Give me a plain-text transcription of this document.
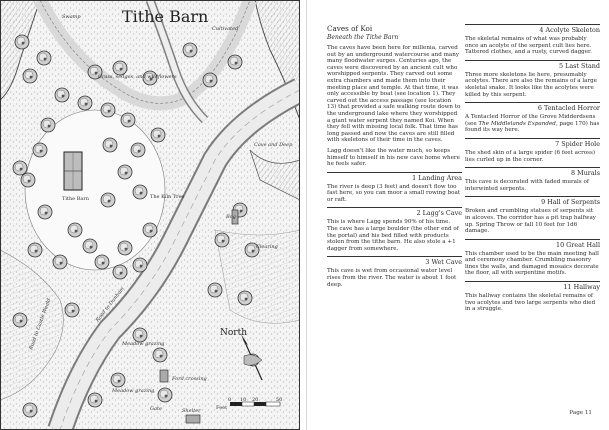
Tithe Barn
Swamp
Cultivated
Grass, sedges, and wildflowers
Cave and Deep
The Kiln Tree
Tithe Barn
Meadow grazing
Meadow grazing
Road to Dunham
Road to Castle Weald
Ford crossing
Bog
Clearing
Gate	Shelter
North
Feet
0 10 20	50
Caves of Koi
Beneath the Tithe Barn
The caves have been here for millenia, carved out by an underground watercourse and many many floodwater surges. Centuries ago, the caves were discovered by an ancient cult who worshipped serpents. They carved out some extra chambers and made them into their meeting place and temple. At that time, it was only accessible by boat (see location 1). They carved out the access passage (see location 13) that provided a safe walking route down to the underground lake where they worshipped a giant water serpent they named Koi. When they fell with missing local folk. That time has long passed and now the caves are still filled with skeletons of their time in the caves.
Lagg doesn't like the water much, so keeps himself to himself in his new cave home where he feels safer.
1 Landing Area
The river is deep (3 feet) and doesn't flow too fast here, so you can moor a small rowing boat or raft.
2 Lagg's Cave
This is where Lagg spends 90% of his time. The cave has a large boulder (the other end of the portal) and his bed filled with products stolen from the tithe barn. He also stole a +1 dagger from somewhere.
3 Wet Cave
This cave is wet from occasional water level rises from the river. The water is about 1 foot deep.
4 Acolyte Skeleton
The skeletal remains of what was probably once an acolyte of the serpent cult lies here. Tattered clothes, and a rusty, curved dagger.
5 Last Stand
Three more skeletons lie here, presumably acolytes. There are also the remains of a large skeletal snake. It looks like the acolytes were killed by this serpent.
6 Tentacled Horror
A Tentacled Horror of the Grove Midderdsens (see The Middlelands Expanded, page 170) has found its way here.
7 Spider Hole
The shed skin of a large spider (6 feet across) lies curled up in the corner.
8 Murals
This cave is decorated with faded murals of interwinted serpents.
9 Hall of Serpents
Broken and crumbling statues of serpents sit in alcoves. The corridor has a pit trap halfway up. Spring Throw or fall 10 feet for 1d6 damage.
10 Great Hall
This chamber used to be the main meeting hall and ceremony chamber. Crumbling masonry lines the walls, and damaged mosaics decorate the floor, all with serpentine motifs.
11 Hallway
This hallway contains the skeletal remains of two acolytes and two large serpents who died in a struggle.
Page 11
